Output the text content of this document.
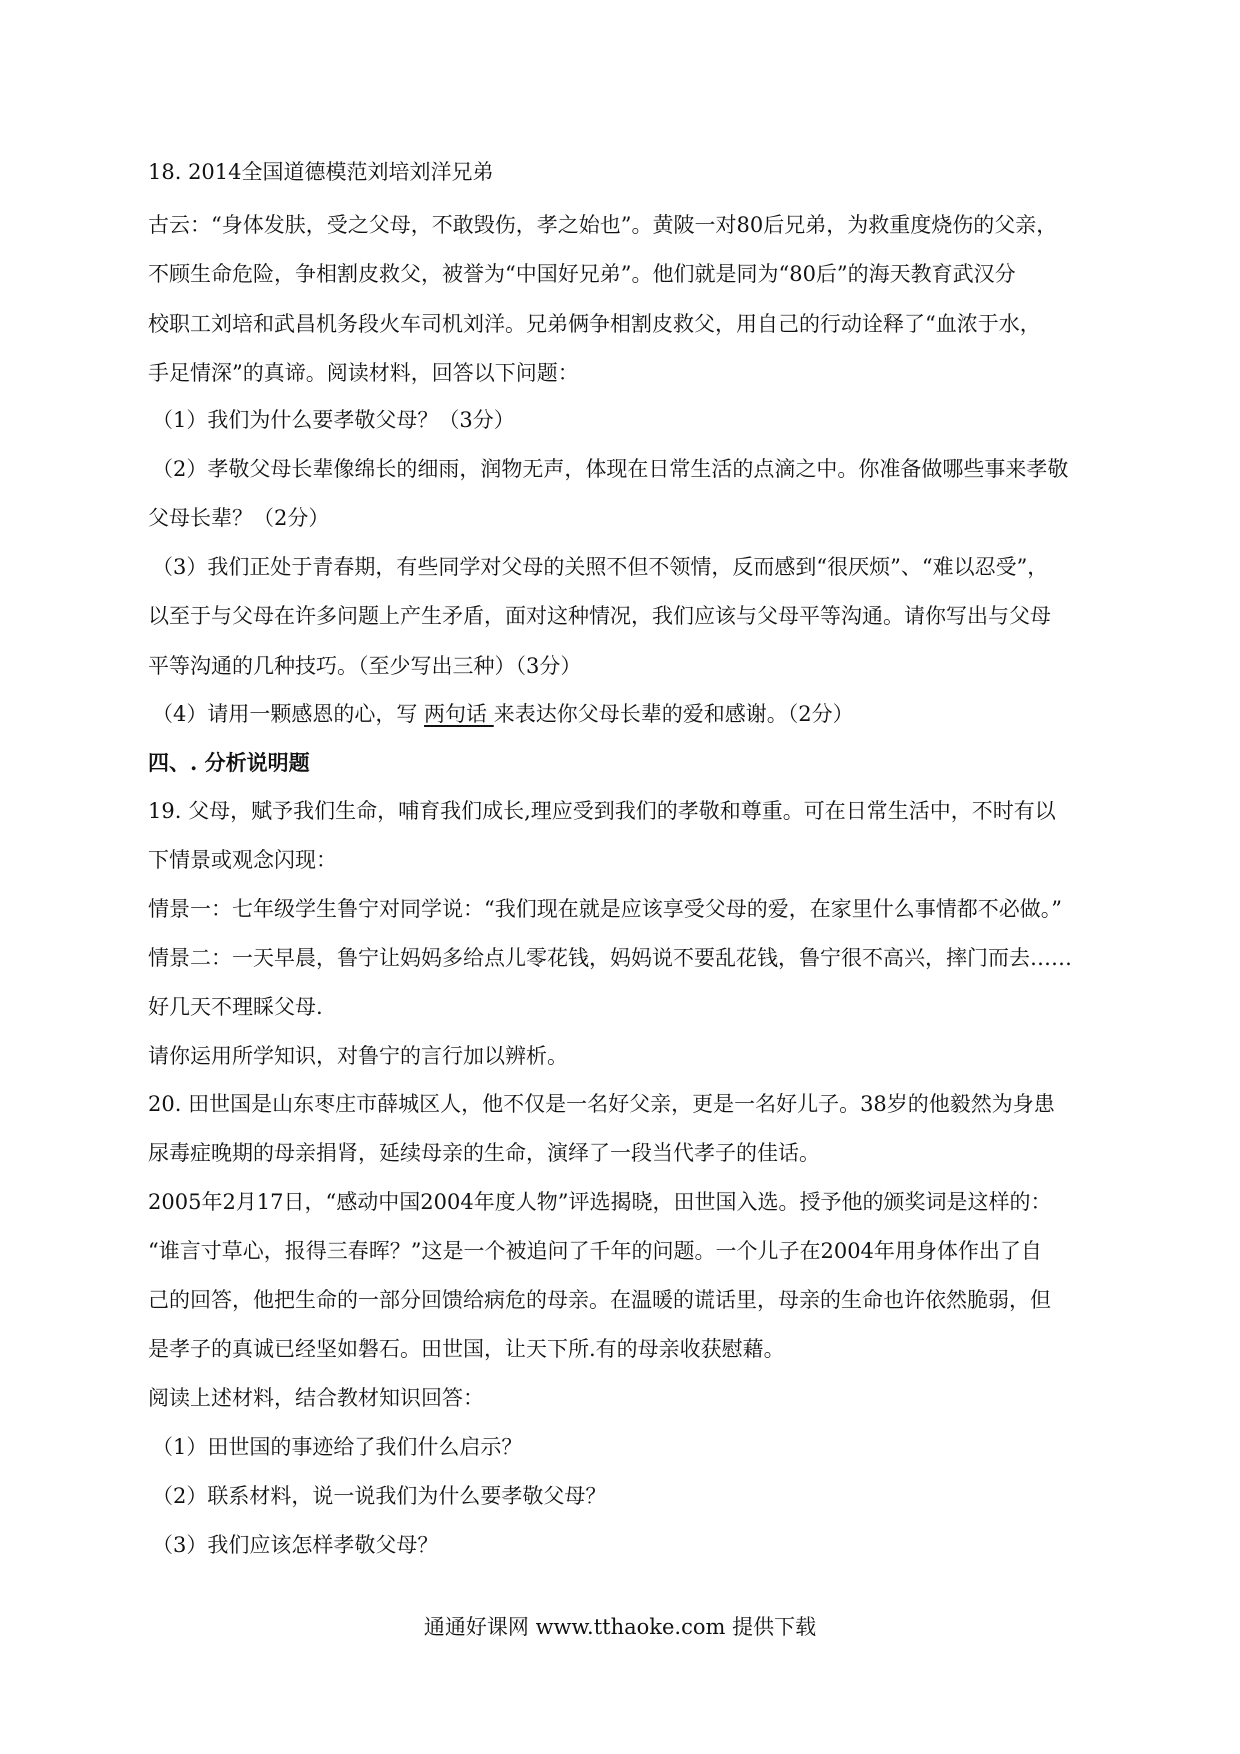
18. 2014全国道德模范刘培刘洋兄弟
古云：“身体发肤，受之父母，不敢毁伤，孝之始也”。黄陂一对80后兄弟，为救重度烧伤的父亲，
不顾生命危险，争相割皮救父，被誉为“中国好兄弟”。他们就是同为“80后”的海天教育武汉分
校职工刘培和武昌机务段火车司机刘洋。兄弟俩争相割皮救父，用自己的行动诠释了“血浓于水，
手足情深”的真谛。阅读材料，回答以下问题：
（1）我们为什么要孝敬父母？（3分）
（2）孝敬父母长辈像绵长的细雨，润物无声，体现在日常生活的点滴之中。你准备做哪些事来孝敬
父母长辈？（2分）
（3）我们正处于青春期，有些同学对父母的关照不但不领情，反而感到“很厌烦”、“难以忍受”，
以至于与父母在许多问题上产生矛盾，面对这种情况，我们应该与父母平等沟通。请你写出与父母
平等沟通的几种技巧。（至少写出三种）（3分）
（4）请用一颗感恩的心，写 两句话 来表达你父母长辈的爱和感谢。（2分）
四、. 分析说明题
19. 父母，赋予我们生命，哺育我们成长,理应受到我们的孝敬和尊重。可在日常生活中，不时有以
下情景或观念闪现：
情景一：七年级学生鲁宁对同学说：“我们现在就是应该享受父母的爱，在家里什么事情都不必做。”
情景二：一天早晨，鲁宁让妈妈多给点儿零花钱，妈妈说不要乱花钱，鲁宁很不高兴，摔门而去……
好几天不理睬父母.
请你运用所学知识，对鲁宁的言行加以辨析。
20. 田世国是山东枣庄市薛城区人，他不仅是一名好父亲，更是一名好儿子。38岁的他毅然为身患
尿毒症晚期的母亲捐肾，延续母亲的生命，演绎了一段当代孝子的佳话。
2005年2月17日，“感动中国2004年度人物”评选揭晓，田世国入选。授予他的颁奖词是这样的：
“谁言寸草心，报得三春晖？”这是一个被追问了千年的问题。一个儿子在2004年用身体作出了自
己的回答，他把生命的一部分回馈给病危的母亲。在温暖的谎话里，母亲的生命也许依然脆弱，但
是孝子的真诚已经坚如磐石。田世国，让天下所.有的母亲收获慰藉。
阅读上述材料，结合教材知识回答：
（1）田世国的事迹给了我们什么启示？
（2）联系材料，说一说我们为什么要孝敬父母？
（3）我们应该怎样孝敬父母？
通通好课网 www.tthaoke.com 提供下载
